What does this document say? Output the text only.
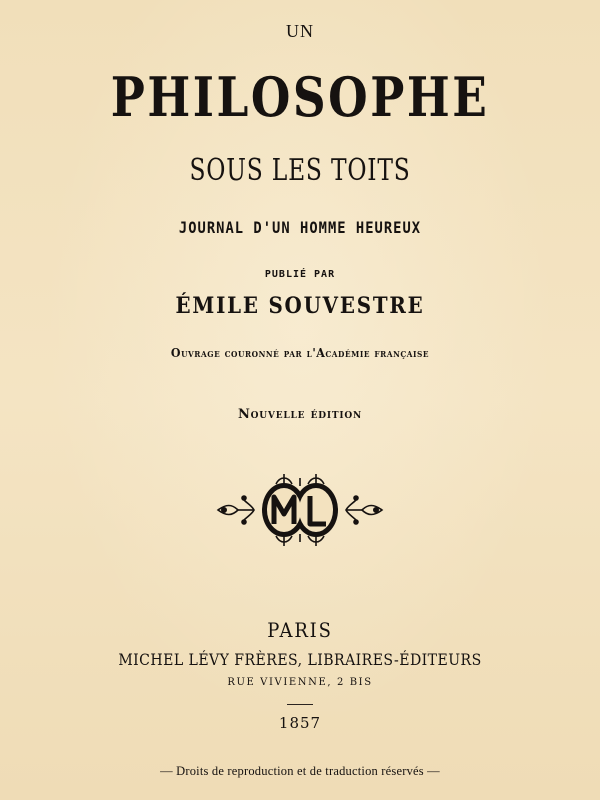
UN
PHILOSOPHE
SOUS LES TOITS
JOURNAL D'UN HOMME HEUREUX
PUBLIÉ PAR
ÉMILE SOUVESTRE
Ouvrage couronné par l'Académie française
Nouvelle édition
PARIS
MICHEL LÉVY FRÈRES, LIBRAIRES-ÉDITEURS
RUE VIVIENNE, 2 BIS
1857
— Droits de reproduction et de traduction réservés —
